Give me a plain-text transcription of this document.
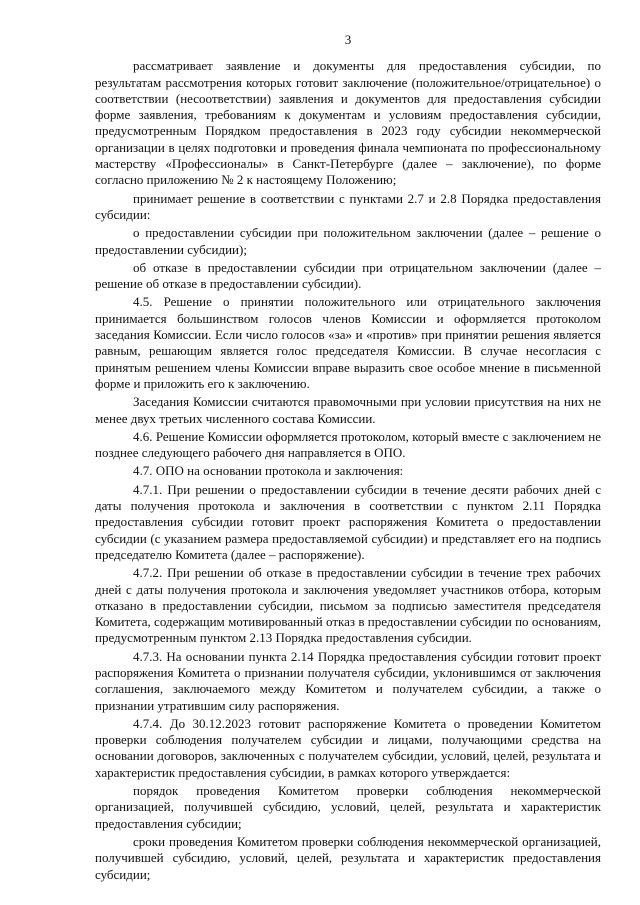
3

рассматривает заявление и документы для предоставления субсидии, по результатам рассмотрения которых готовит заключение (положительное/отрицательное) о соответствии (несоответствии) заявления и документов для предоставления субсидии форме заявления, требованиям к документам и условиям предоставления субсидии, предусмотренным Порядком предоставления в 2023 году субсидии некоммерческой организации в целях подготовки и проведения финала чемпионата по профессиональному мастерству «Профессионалы» в Санкт-Петербурге (далее – заключение), по форме согласно приложению № 2 к настоящему Положению;

принимает решение в соответствии с пунктами 2.7 и 2.8 Порядка предоставления субсидии:

о предоставлении субсидии при положительном заключении (далее – решение о предоставлении субсидии);

об отказе в предоставлении субсидии при отрицательном заключении (далее – решение об отказе в предоставлении субсидии).

4.5. Решение о принятии положительного или отрицательного заключения принимается большинством голосов членов Комиссии и оформляется протоколом заседания Комиссии. Если число голосов «за» и «против» при принятии решения является равным, решающим является голос председателя Комиссии. В случае несогласия с принятым решением члены Комиссии вправе выразить свое особое мнение в письменной форме и приложить его к заключению.

Заседания Комиссии считаются правомочными при условии присутствия на них не менее двух третьих численного состава Комиссии.

4.6. Решение Комиссии оформляется протоколом, который вместе с заключением не позднее следующего рабочего дня направляется в ОПО.

4.7. ОПО на основании протокола и заключения:

4.7.1. При решении о предоставлении субсидии в течение десяти рабочих дней с даты получения протокола и заключения в соответствии с пунктом 2.11 Порядка предоставления субсидии готовит проект распоряжения Комитета о предоставлении субсидии (с указанием размера предоставляемой субсидии) и представляет его на подпись председателю Комитета (далее – распоряжение).

4.7.2. При решении об отказе в предоставлении субсидии в течение трех рабочих дней с даты получения протокола и заключения уведомляет участников отбора, которым отказано в предоставлении субсидии, письмом за подписью заместителя председателя Комитета, содержащим мотивированный отказ в предоставлении субсидии по основаниям, предусмотренным пунктом 2.13 Порядка предоставления субсидии.

4.7.3. На основании пункта 2.14 Порядка предоставления субсидии готовит проект распоряжения Комитета о признании получателя субсидии, уклонившимся от заключения соглашения, заключаемого между Комитетом и получателем субсидии, а также о признании утратившим силу распоряжения.

4.7.4. До 30.12.2023 готовит распоряжение Комитета о проведении Комитетом проверки соблюдения получателем субсидии и лицами, получающими средства на основании договоров, заключенных с получателем субсидии, условий, целей, результата и характеристик предоставления субсидии, в рамках которого утверждается:

порядок проведения Комитетом проверки соблюдения некоммерческой организацией, получившей субсидию, условий, целей, результата и характеристик предоставления субсидии;

сроки проведения Комитетом проверки соблюдения некоммерческой организацией, получившей субсидию, условий, целей, результата и характеристик предоставления субсидии;
